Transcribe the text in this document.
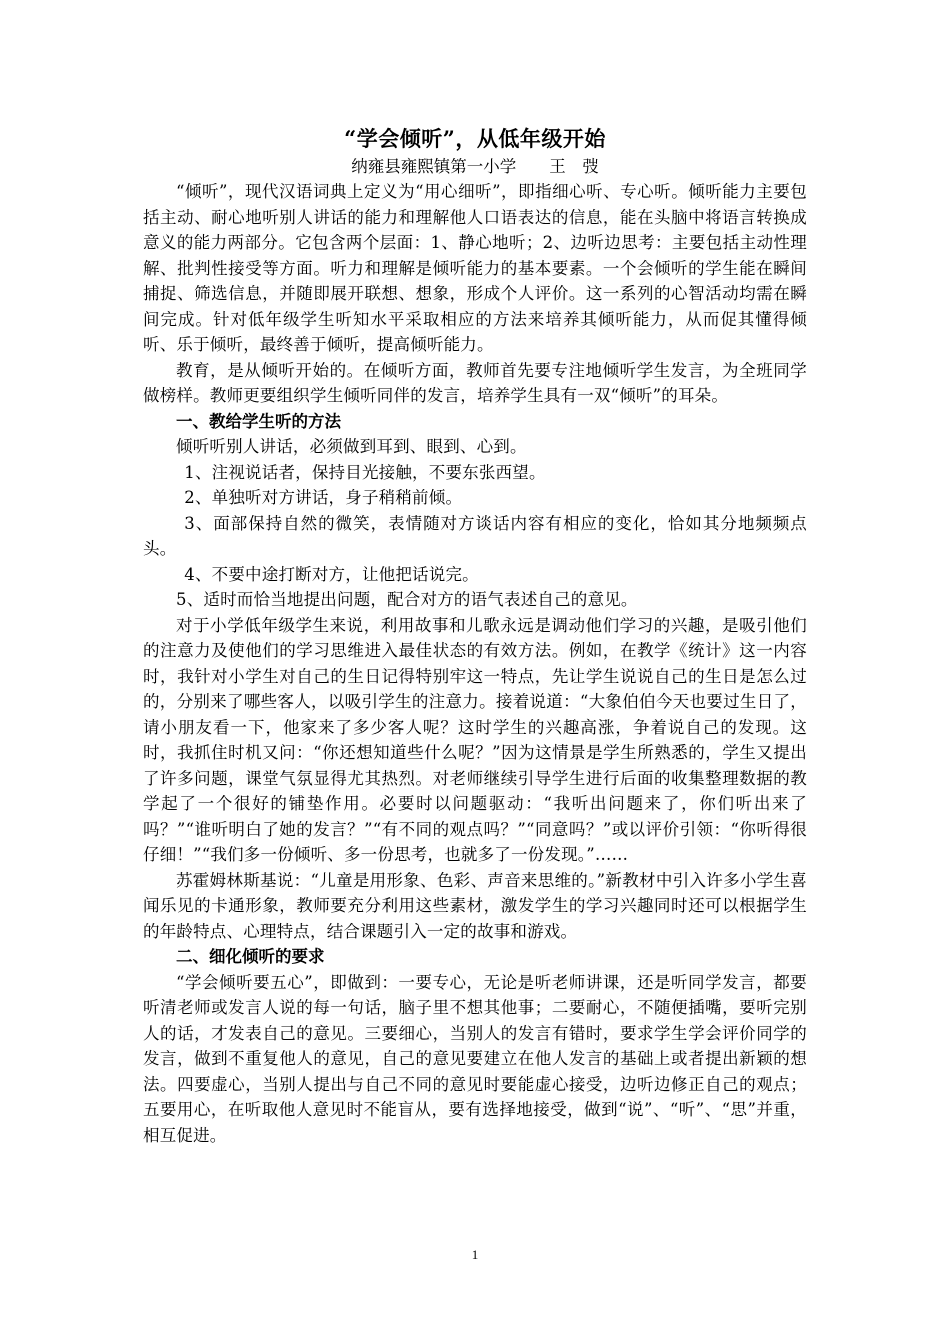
“学会倾听”，从低年级开始

纳雍县雍熙镇第一小学　　王　弢

“倾听”，现代汉语词典上定义为“用心细听”，即指细心听、专心听。倾听能力主要包括主动、耐心地听别人讲话的能力和理解他人口语表达的信息，能在头脑中将语言转换成意义的能力两部分。它包含两个层面：1、静心地听；2、边听边思考：主要包括主动性理解、批判性接受等方面。听力和理解是倾听能力的基本要素。一个会倾听的学生能在瞬间捕捉、筛选信息，并随即展开联想、想象，形成个人评价。这一系列的心智活动均需在瞬间完成。针对低年级学生听知水平采取相应的方法来培养其倾听能力，从而促其懂得倾听、乐于倾听，最终善于倾听，提高倾听能力。

教育，是从倾听开始的。在倾听方面，教师首先要专注地倾听学生发言，为全班同学做榜样。教师更要组织学生倾听同伴的发言，培养学生具有一双“倾听”的耳朵。

一、教给学生听的方法

倾听听别人讲话，必须做到耳到、眼到、心到。

1、注视说话者，保持目光接触，不要东张西望。

2、单独听对方讲话，身子稍稍前倾。

3、面部保持自然的微笑，表情随对方谈话内容有相应的变化，恰如其分地频频点头。

4、不要中途打断对方，让他把话说完。

5、适时而恰当地提出问题，配合对方的语气表述自己的意见。

对于小学低年级学生来说，利用故事和儿歌永远是调动他们学习的兴趣，是吸引他们的注意力及使他们的学习思维进入最佳状态的有效方法。例如，在教学《统计》这一内容时，我针对小学生对自己的生日记得特别牢这一特点，先让学生说说自己的生日是怎么过的，分别来了哪些客人，以吸引学生的注意力。接着说道：“大象伯伯今天也要过生日了，请小朋友看一下，他家来了多少客人呢？这时学生的兴趣高涨，争着说自己的发现。这时，我抓住时机又问：“你还想知道些什么呢？”因为这情景是学生所熟悉的，学生又提出了许多问题，课堂气氛显得尤其热烈。对老师继续引导学生进行后面的收集整理数据的教学起了一个很好的铺垫作用。必要时以问题驱动：“我听出问题来了，你们听出来了吗？”“谁听明白了她的发言？”“有不同的观点吗？”“同意吗？”或以评价引领：“你听得很仔细！”“我们多一份倾听、多一份思考，也就多了一份发现。”……

苏霍姆林斯基说：“儿童是用形象、色彩、声音来思维的。”新教材中引入许多小学生喜闻乐见的卡通形象，教师要充分利用这些素材，激发学生的学习兴趣同时还可以根据学生的年龄特点、心理特点，结合课题引入一定的故事和游戏。

二、细化倾听的要求

“学会倾听要五心”，即做到：一要专心，无论是听老师讲课，还是听同学发言，都要听清老师或发言人说的每一句话，脑子里不想其他事；二要耐心，不随便插嘴，要听完别人的话，才发表自己的意见。三要细心，当别人的发言有错时，要求学生学会评价同学的发言，做到不重复他人的意见，自己的意见要建立在他人发言的基础上或者提出新颖的想法。四要虚心，当别人提出与自己不同的意见时要能虚心接受，边听边修正自己的观点；五要用心，在听取他人意见时不能盲从，要有选择地接受，做到“说”、“听”、“思”并重，相互促进。

1
